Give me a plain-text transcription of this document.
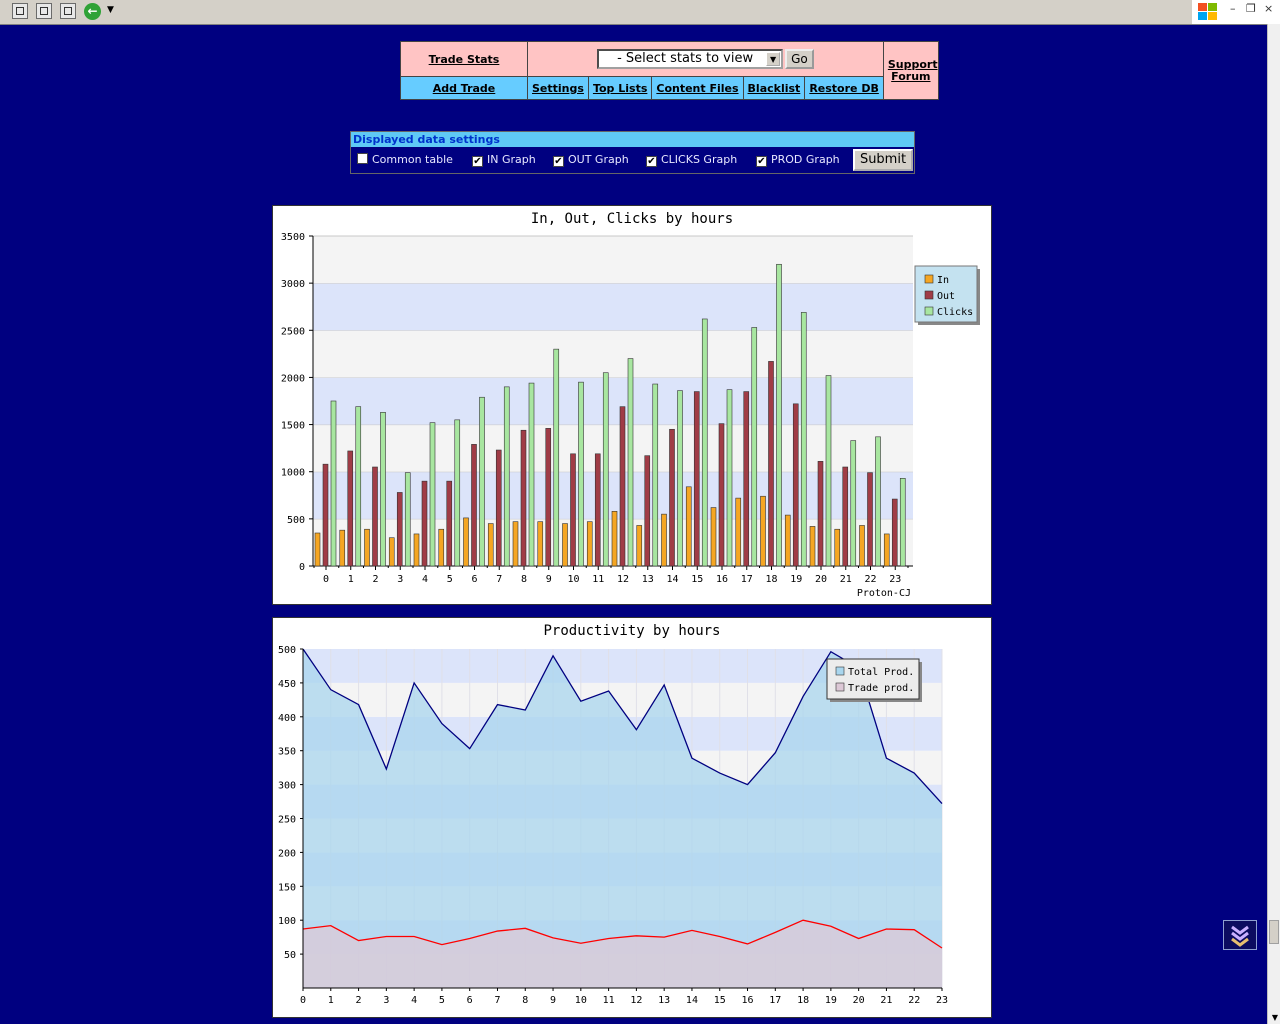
←	▼	– ❐ ×
▼
Trade Stats	- Select stats to view ▼ Go					Support Forum
Add Trade	Settings	Top Lists	Content Files	Blacklist	Restore DB	
Displayed data settings
Common table ✔ IN Graph ✔ OUT Graph ✔ CLICKS Graph ✔ PROD Graph	Submit
0
500
1000
1500
2000
2500
3000
3500
0 1 2 3 4 5 6 7 8 9 10 11 12 13 14 15 16 17 18 19 20 21 22 23
In, Out, Clicks by hours
Proton-CJ
In
Out
Clicks
50
100
150
200
250
300
350
400
450
500
0 1 2 3 4 5 6 7 8 9 10 11 12 13 14 15 16 17 18 19 20 21 22 23
Productivity by hours
Total Prod.
Trade prod.
